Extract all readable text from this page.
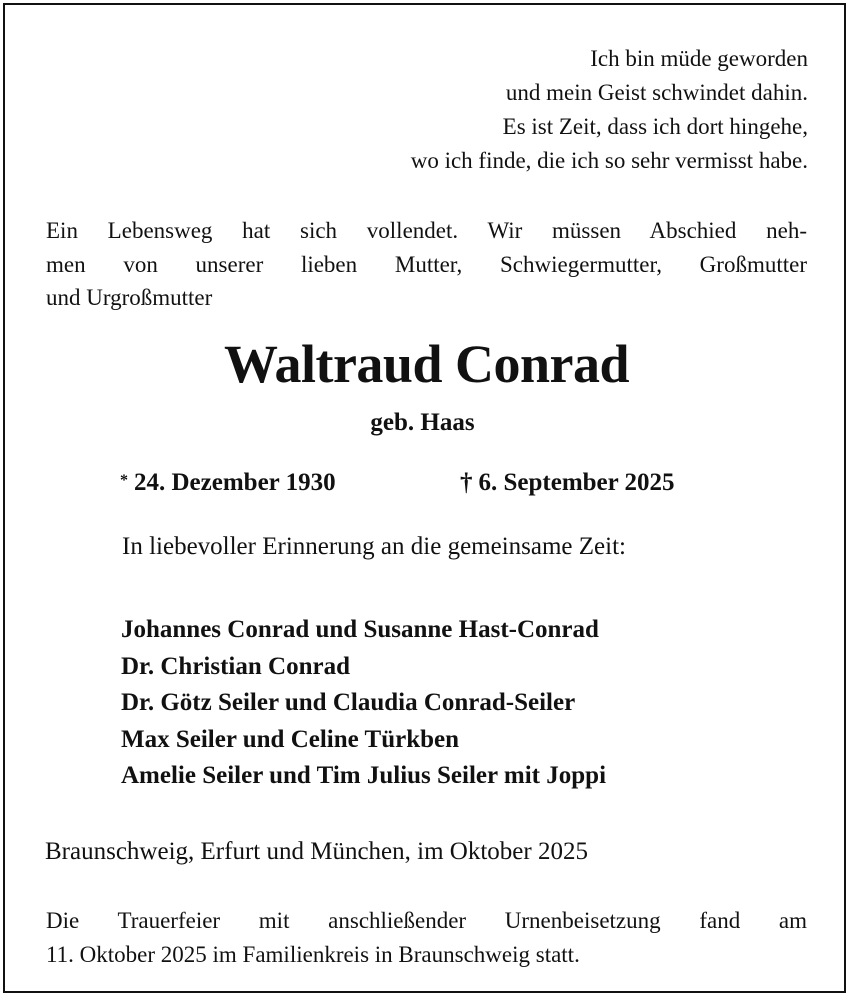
Ich bin müde geworden
und mein Geist schwindet dahin.
Es ist Zeit, dass ich dort hingehe,
wo ich finde, die ich so sehr vermisst habe.
Ein Lebensweg hat sich vollendet. Wir müssen Abschied neh-
men von unserer lieben Mutter, Schwiegermutter, Großmutter
und Urgroßmutter
Waltraud Conrad
geb. Haas
* 24. Dezember 1930	† 6. September 2025
In liebevoller Erinnerung an die gemeinsame Zeit:
Johannes Conrad und Susanne Hast-Conrad
Dr. Christian Conrad
Dr. Götz Seiler und Claudia Conrad-Seiler
Max Seiler und Celine Türkben
Amelie Seiler und Tim Julius Seiler mit Joppi
Braunschweig, Erfurt und München, im Oktober 2025
Die Trauerfeier mit anschließender Urnenbeisetzung fand am
11. Oktober 2025 im Familienkreis in Braunschweig statt.
